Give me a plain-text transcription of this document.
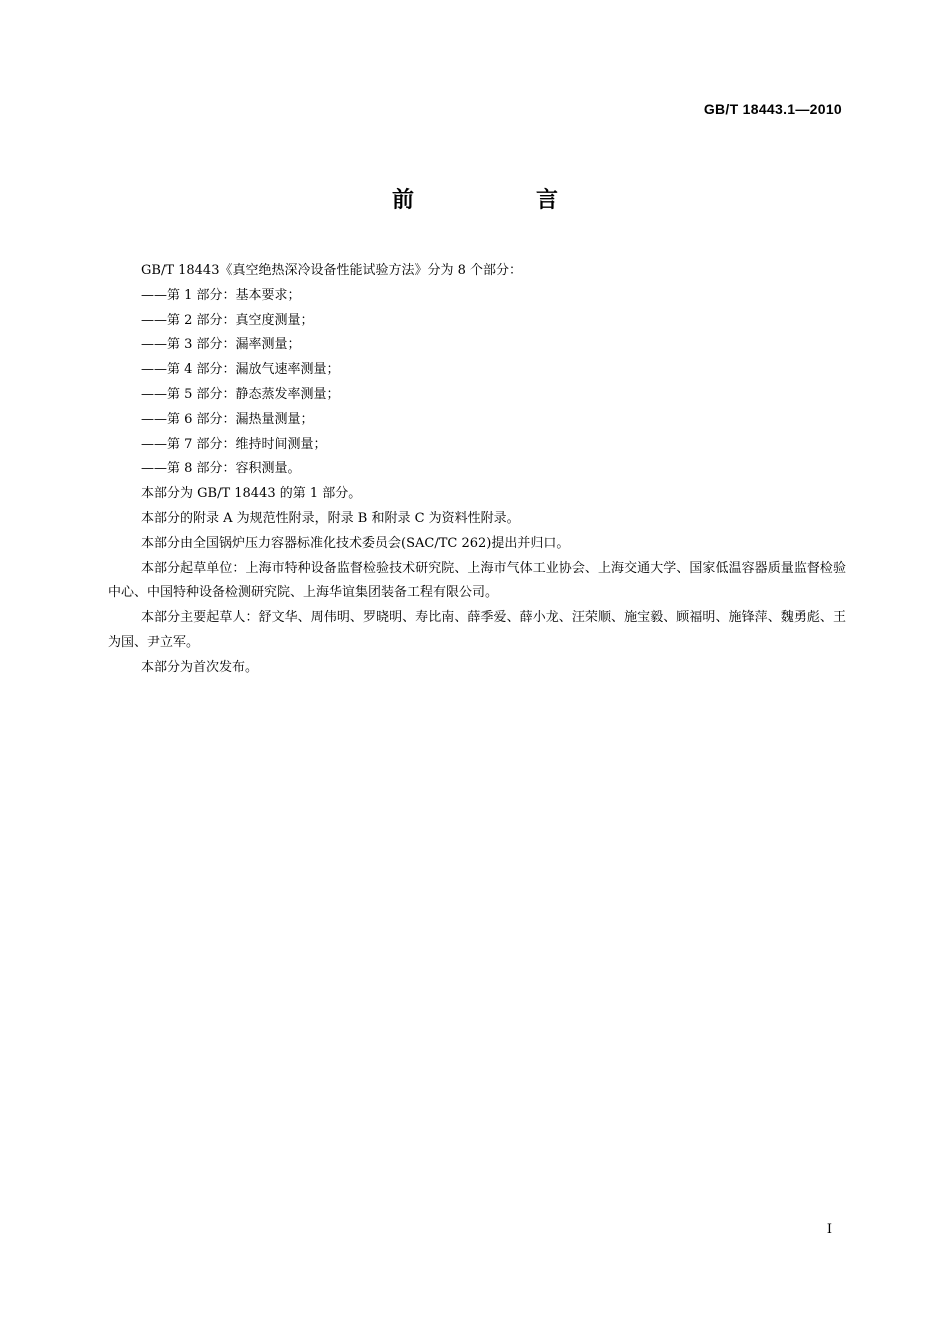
GB/T 18443.1—2010
前　言

GB/T 18443《真空绝热深冷设备性能试验方法》分为 8 个部分：

——第 1 部分：基本要求；

——第 2 部分：真空度测量；

——第 3 部分：漏率测量；

——第 4 部分：漏放气速率测量；

——第 5 部分：静态蒸发率测量；

——第 6 部分：漏热量测量；

——第 7 部分：维持时间测量；

——第 8 部分：容积测量。

本部分为 GB/T 18443 的第 1 部分。

本部分的附录 A 为规范性附录，附录 B 和附录 C 为资料性附录。

本部分由全国锅炉压力容器标准化技术委员会(SAC/TC 262)提出并归口。

本部分起草单位：上海市特种设备监督检验技术研究院、上海市气体工业协会、上海交通大学、国家低温容器质量监督检验中心、中国特种设备检测研究院、上海华谊集团装备工程有限公司。

本部分主要起草人：舒文华、周伟明、罗晓明、寿比南、薛季爱、薛小龙、汪荣顺、施宝毅、顾福明、施锋萍、魏勇彪、王为国、尹立军。

本部分为首次发布。

I
